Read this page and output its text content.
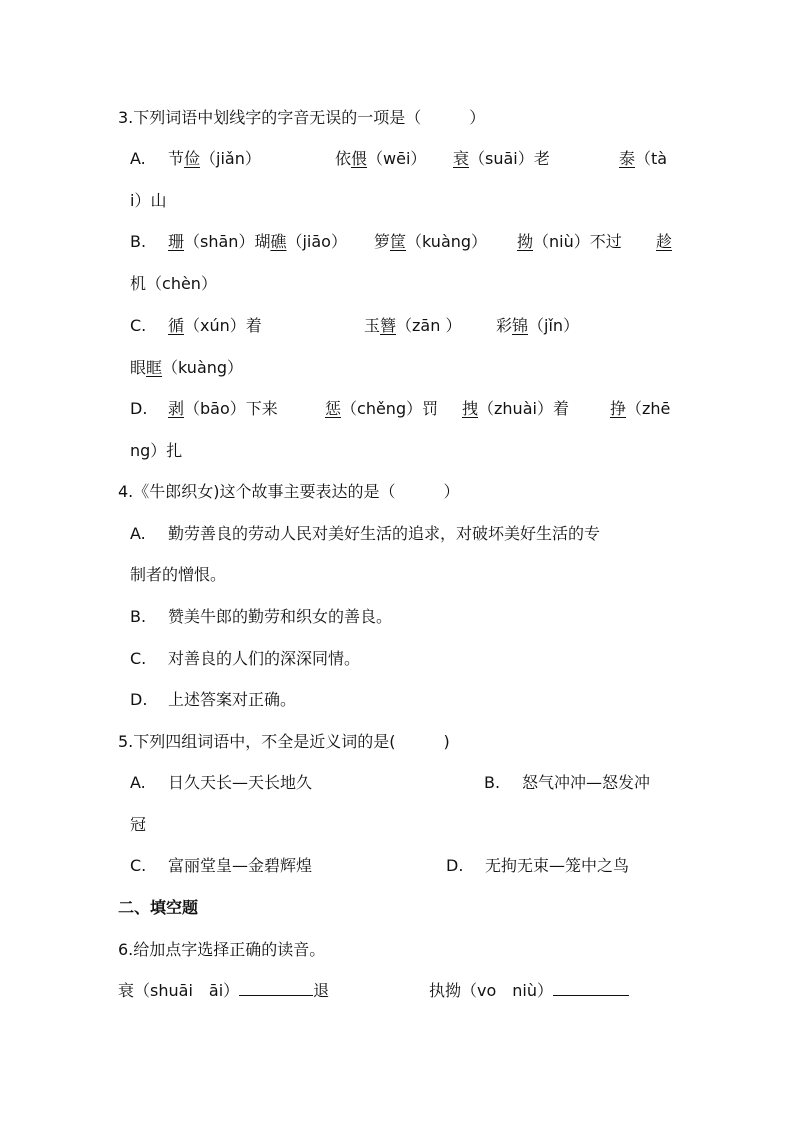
3.下列词语中划线字的字音无误的一项是（　　　）
A. 节俭（jiǎn）	依偎（wēi） 衰（suāi）老	泰（tà
i）山
B. 珊（shān）瑚礁（jiāo） 箩筐（kuàng） 拗（niù）不过 趁
机（chèn）
C. 循（xún）着	玉簪（zān ） 彩锦（jǐn）
眼眶（kuàng）
D. 剥（bāo）下来	惩（chěng）罚 拽（zhuài）着	挣（zhē
ng）扎
4.《牛郎织女)这个故事主要表达的是（　　　）
A. 勤劳善良的劳动人民对美好生活的追求，对破坏美好生活的专
制者的憎恨。
B. 赞美牛郎的勤劳和织女的善良。
C. 对善良的人们的深深同情。
D. 上述答案对正确。
5.下列四组词语中，不全是近义词的是(　　　)
A. 日久天长—天长地久	B. 怒气冲冲—怒发冲
冠
C. 富丽堂皇—金碧辉煌	D. 无拘无束—笼中之鸟
二、填空题
6.给加点字选择正确的读音。
衰（shuāi　āi）	退	执拗（vo　niù）
